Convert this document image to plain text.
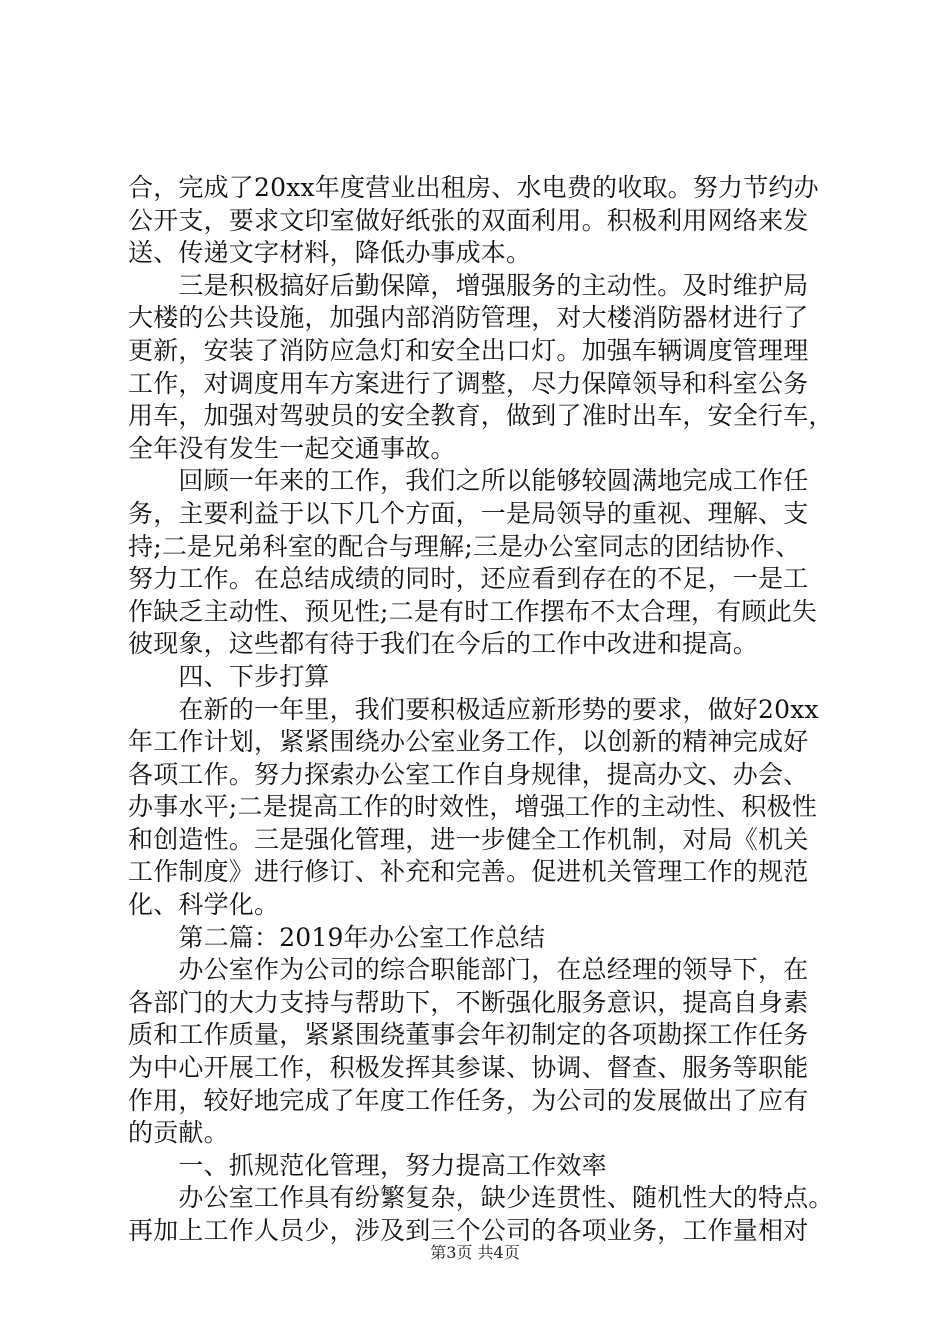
合，完成了20xx年度营业出租房、水电费的收取。努力节约办
公开支，要求文印室做好纸张的双面利用。积极利用网络来发
送、传递文字材料，降低办事成本。
　　三是积极搞好后勤保障，增强服务的主动性。及时维护局
大楼的公共设施，加强内部消防管理，对大楼消防器材进行了
更新，安装了消防应急灯和安全出口灯。加强车辆调度管理理
工作，对调度用车方案进行了调整，尽力保障领导和科室公务
用车，加强对驾驶员的安全教育，做到了准时出车，安全行车，
全年没有发生一起交通事故。
　　回顾一年来的工作，我们之所以能够较圆满地完成工作任
务，主要利益于以下几个方面，一是局领导的重视、理解、支
持;二是兄弟科室的配合与理解;三是办公室同志的团结协作、
努力工作。在总结成绩的同时，还应看到存在的不足，一是工
作缺乏主动性、预见性;二是有时工作摆布不太合理，有顾此失
彼现象，这些都有待于我们在今后的工作中改进和提高。
　　四、下步打算
　　在新的一年里，我们要积极适应新形势的要求，做好20xx
年工作计划，紧紧围绕办公室业务工作，以创新的精神完成好
各项工作。努力探索办公室工作自身规律，提高办文、办会、
办事水平;二是提高工作的时效性，增强工作的主动性、积极性
和创造性。三是强化管理，进一步健全工作机制，对局《机关
工作制度》进行修订、补充和完善。促进机关管理工作的规范
化、科学化。
　　第二篇：2019年办公室工作总结
　　办公室作为公司的综合职能部门，在总经理的领导下，在
各部门的大力支持与帮助下，不断强化服务意识，提高自身素
质和工作质量，紧紧围绕董事会年初制定的各项勘探工作任务
为中心开展工作，积极发挥其参谋、协调、督查、服务等职能
作用，较好地完成了年度工作任务，为公司的发展做出了应有
的贡献。
　　一、抓规范化管理，努力提高工作效率
　　办公室工作具有纷繁复杂，缺少连贯性、随机性大的特点。
再加上工作人员少，涉及到三个公司的各项业务，工作量相对
第3页 共4页
